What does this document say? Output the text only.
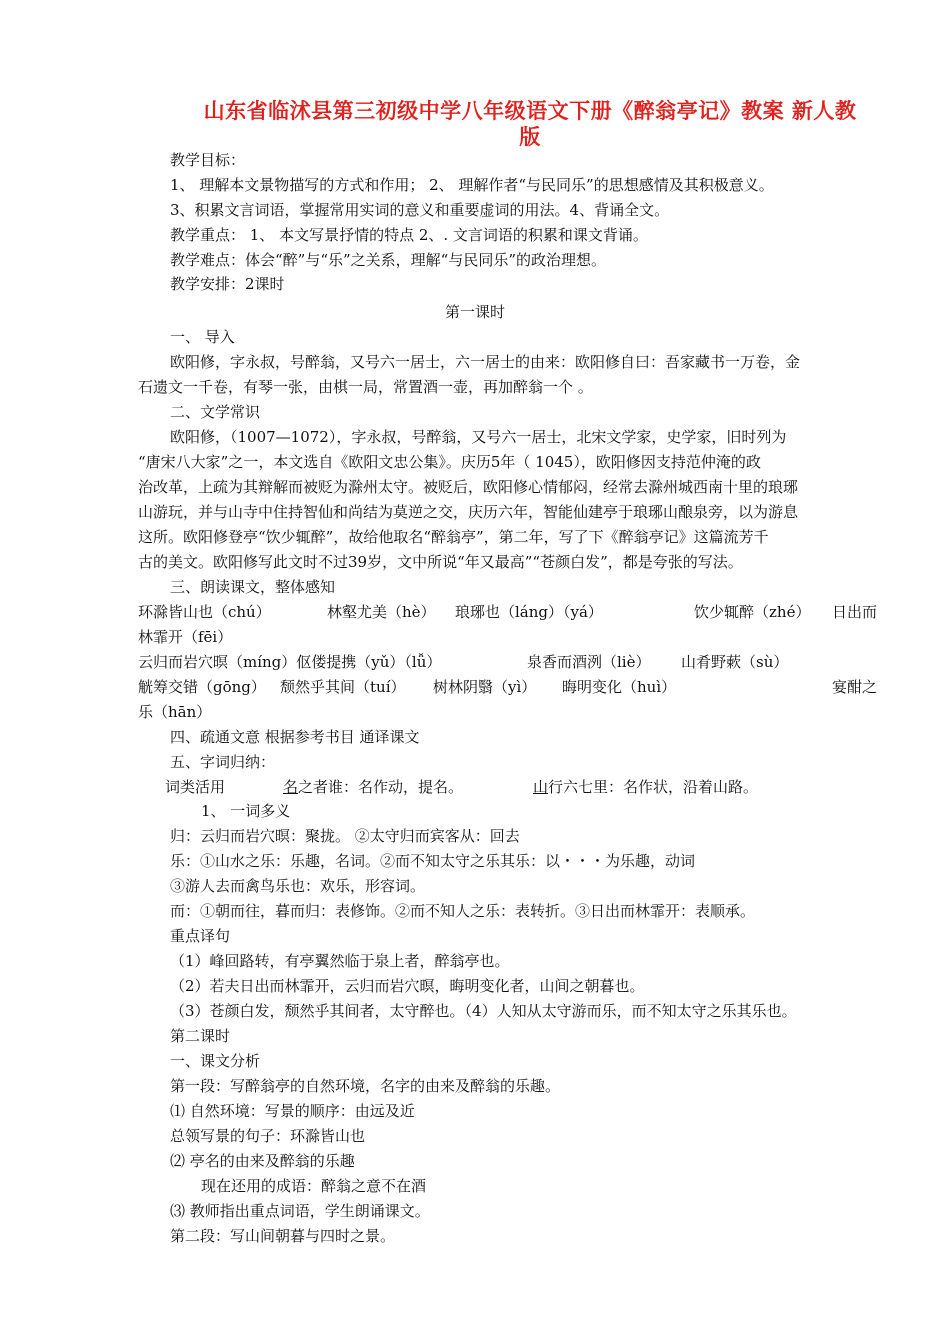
山东省临沭县第三初级中学八年级语文下册《醉翁亭记》教案 新人教
版
教学目标：
1、 理解本文景物描写的方式和作用； 2、 理解作者“与民同乐”的思想感情及其积极意义。
3、积累文言词语，掌握常用实词的意义和重要虚词的用法。4、背诵全文。
教学重点： 1、 本文写景抒情的特点 2、. 文言词语的积累和课文背诵。
教学难点：体会“醉”与“乐”之关系，理解“与民同乐”的政治理想。
教学安排：2课时
第一课时
一、 导入
欧阳修，字永叔，号醉翁，又号六一居士，六一居士的由来：欧阳修自曰：吾家藏书一万卷，金
石遗文一千卷，有琴一张，由棋一局，常置酒一壶，再加醉翁一个 。
二、文学常识
欧阳修，（1007—1072），字永叔，号醉翁，又号六一居士，北宋文学家，史学家，旧时列为
“唐宋八大家”之一，本文选自《欧阳文忠公集》。庆历5年（ 1045），欧阳修因支持范仲淹的政
治改革，上疏为其辩解而被贬为滁州太守。被贬后，欧阳修心情郁闷，经常去滁州城西南十里的琅琊
山游玩，并与山寺中住持智仙和尚结为莫逆之交，庆历六年，智能仙建亭于琅琊山酿泉旁，以为游息
这所。欧阳修登亭“饮少辄醉”，故给他取名“醉翁亭”，第二年，写了下《醉翁亭记》这篇流芳千
古的美文。欧阳修写此文时不过39岁，文中所说“年又最高”“苍颜白发”，都是夸张的写法。
三、朗读课文，整体感知
环滁皆山也（chú）	林壑尤美（hè） 琅琊也（láng）（yá）	饮少辄醉（zhé） 日出而
林霏开（fēi）
云归而岩穴暝（míng）伛偻提携（yǔ）（lǚ）	泉香而酒洌（liè） 山肴野蔌（sù）
觥筹交错（gōng） 颓然乎其间（tuí） 树林阴翳（yì） 晦明变化（huì）	宴酣之
乐（hān）
四、疏通文意 根据参考书目 通译课文
五、字词归纳：
词类活用	名之者谁：名作动，提名。	山行六七里：名作状，沿着山路。
1、 一词多义
归：云归而岩穴暝：聚拢。 ②太守归而宾客从：回去
乐：①山水之乐：乐趣，名词。②而不知太守之乐其乐：以・・・为乐趣，动词
③游人去而禽鸟乐也：欢乐，形容词。
而：①朝而往，暮而归：表修饰。②而不知人之乐：表转折。③日出而林霏开：表顺承。
重点译句
（1）峰回路转，有亭翼然临于泉上者，醉翁亭也。
（2）若夫日出而林霏开，云归而岩穴暝，晦明变化者，山间之朝暮也。
（3）苍颜白发，颓然乎其间者，太守醉也。（4）人知从太守游而乐，而不知太守之乐其乐也。
第二课时
一、课文分析
第一段：写醉翁亭的自然环境，名字的由来及醉翁的乐趣。
⑴ 自然环境：写景的顺序：由远及近
总领写景的句子：环滁皆山也
⑵ 亭名的由来及醉翁的乐趣
现在还用的成语：醉翁之意不在酒
⑶ 教师指出重点词语，学生朗诵课文。
第二段：写山间朝暮与四时之景。
